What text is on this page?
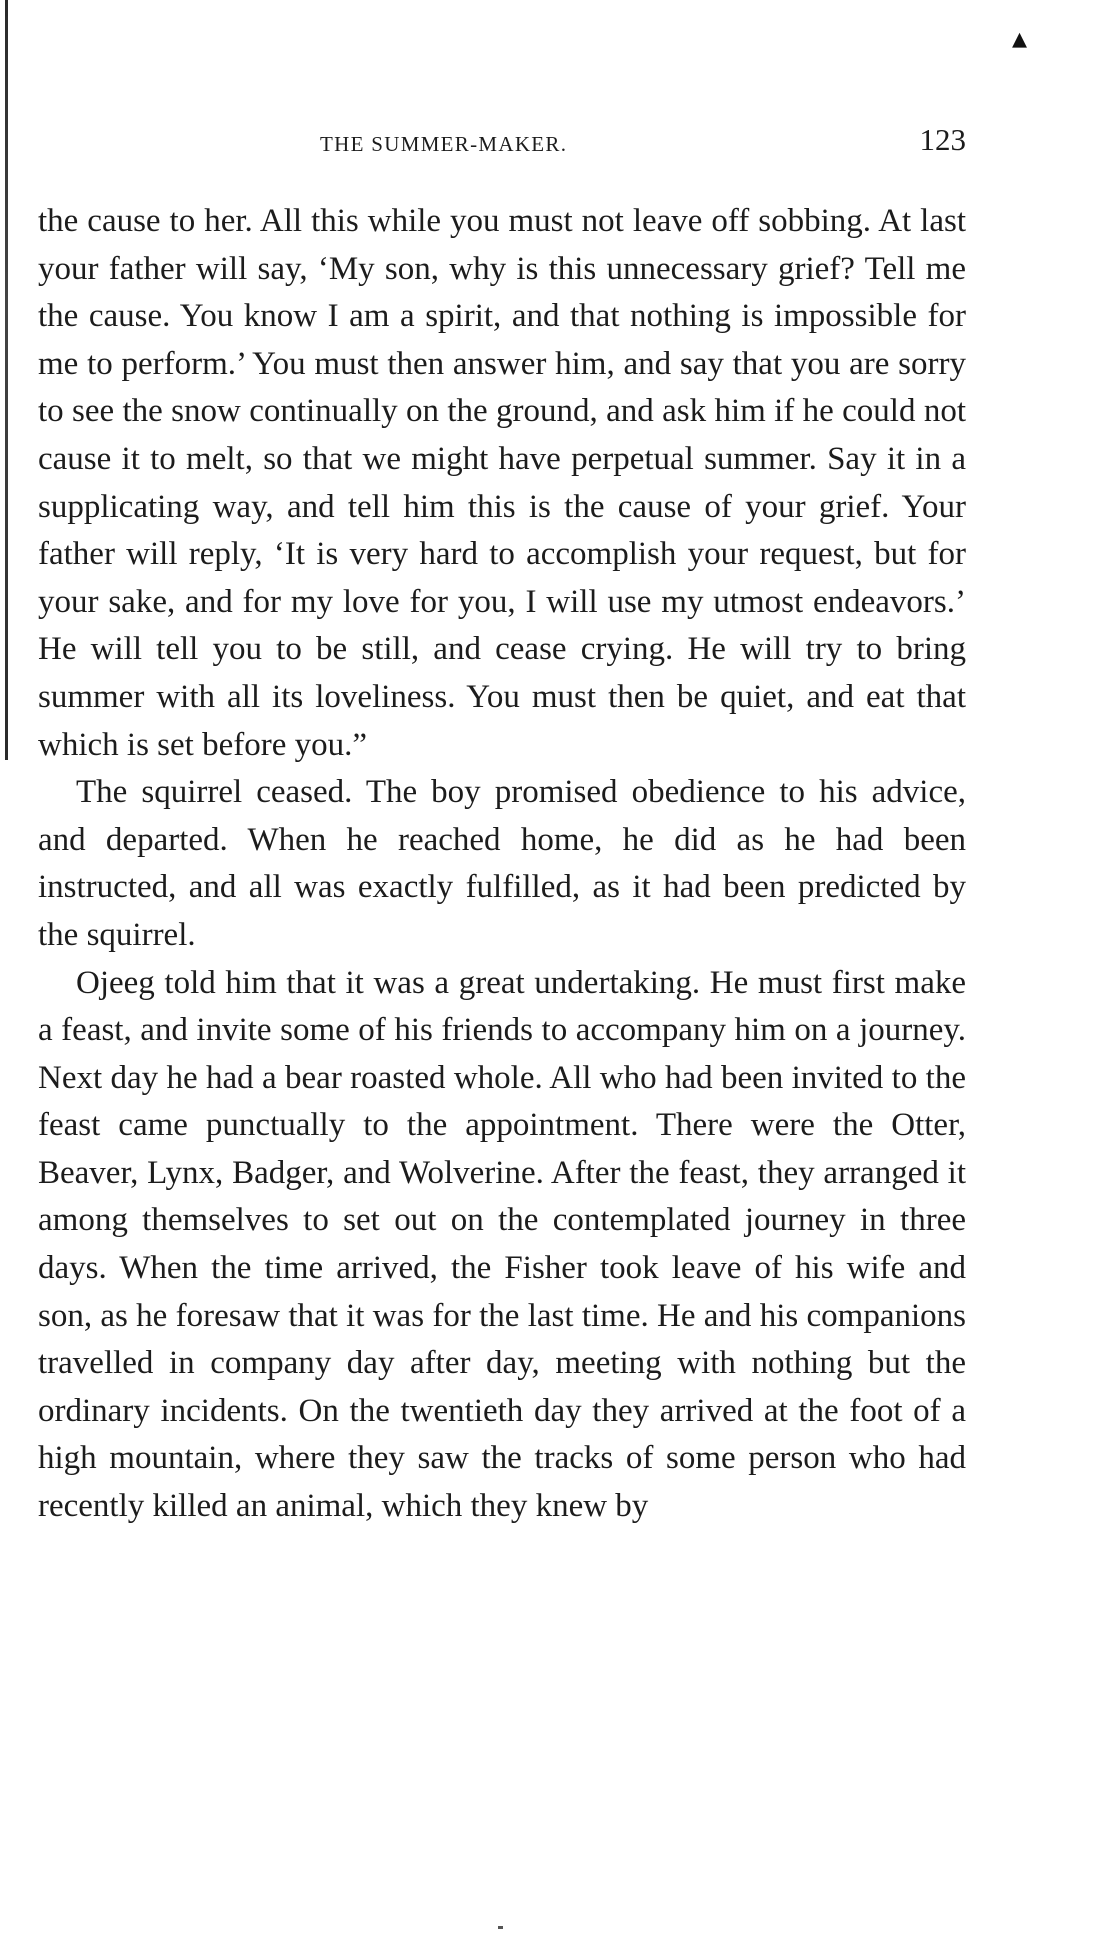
▴
THE SUMMER-MAKER.	123

the cause to her. All this while you must not leave off sobbing. At last your father will say, ‘My son, why is this unnecessary grief? Tell me the cause. You know I am a spirit, and that nothing is impossible for me to perform.’ You must then answer him, and say that you are sorry to see the snow continually on the ground, and ask him if he could not cause it to melt, so that we might have perpetual summer. Say it in a supplicating way, and tell him this is the cause of your grief. Your father will reply, ‘It is very hard to accomplish your request, but for your sake, and for my love for you, I will use my utmost endeavors.’ He will tell you to be still, and cease crying. He will try to bring summer with all its loveliness. You must then be quiet, and eat that which is set before you.”

The squirrel ceased. The boy promised obedience to his advice, and departed. When he reached home, he did as he had been instructed, and all was exactly fulfilled, as it had been predicted by the squirrel.

Ojeeg told him that it was a great undertaking. He must first make a feast, and invite some of his friends to accompany him on a journey. Next day he had a bear roasted whole. All who had been invited to the feast came punctually to the appointment. There were the Otter, Beaver, Lynx, Badger, and Wolverine. After the feast, they arranged it among themselves to set out on the contemplated journey in three days. When the time arrived, the Fisher took leave of his wife and son, as he foresaw that it was for the last time. He and his companions travelled in company day after day, meeting with nothing but the ordinary incidents. On the twentieth day they arrived at the foot of a high mountain, where they saw the tracks of some person who had recently killed an animal, which they knew by
